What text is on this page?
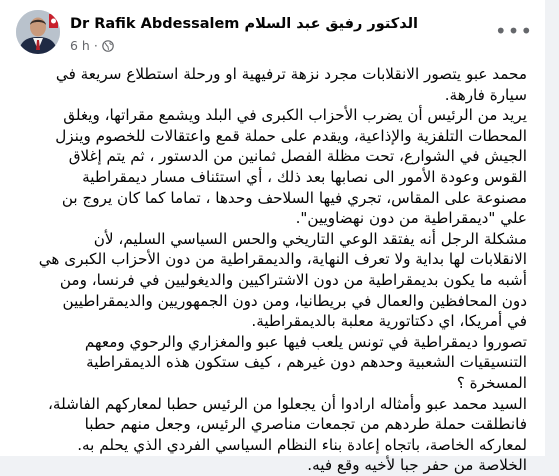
Dr Rafik Abdessalem الدكتور رفيق عبد السلام
6 h ·
•••

محمد عبو يتصور الانقلابات مجرد نزهة ترفيهية او ورحلة استطلاع سريعة في سيارة فارهة.

يريد من الرئيس أن يضرب الأحزاب الكبرى في البلد ويشمع مقراتها، ويغلق المحطات التلفزية والإذاعية، ويقدم على حملة قمع واعتقالات للخصوم وينزل الجيش في الشوارع، تحت مظلة الفصل ثمانين من الدستور ، ثم يتم إغلاق القوس وعودة الأمور الى نصابها بعد ذلك ، أي استئناف مسار ديمقراطية مصنوعة على المقاس، تجري فيها السلاحف وحدها ، تماما كما كان يروج بن علي "ديمقراطية من دون نهضاويين".

مشكلة الرجل أنه يفتقد الوعي التاريخي والحس السياسي السليم، لأن الانقلابات لها بداية ولا تعرف النهاية، والديمقراطية من دون الأحزاب الكبرى هي أشبه ما يكون بديمقراطية من دون الاشتراكيين والديغوليين في فرنسا، ومن دون المحافظين والعمال في بريطانيا، ومن دون الجمهوريين والديمقراطيين في أمريكا، اي دكتاتورية معلبة بالديمقراطية.

تصوروا ديمقراطية في تونس يلعب فيها عبو والمغزاري والرحوي ومعهم التنسيقيات الشعبية وحدهم دون غيرهم ، كيف ستكون هذه الديمقراطية المسخرة ؟

السيد محمد عبو وأمثاله ارادوا أن يجعلوا من الرئيس حطبا لمعاركهم الفاشلة، فانطلقت حملة طردهم من تجمعات مناصري الرئيس، وجعل منهم حطبا لمعاركه الخاصة، باتجاه إعادة بناء النظام السياسي الفردي الذي يحلم به.

الخلاصة من حفر جبا لأخيه وقع فيه.
